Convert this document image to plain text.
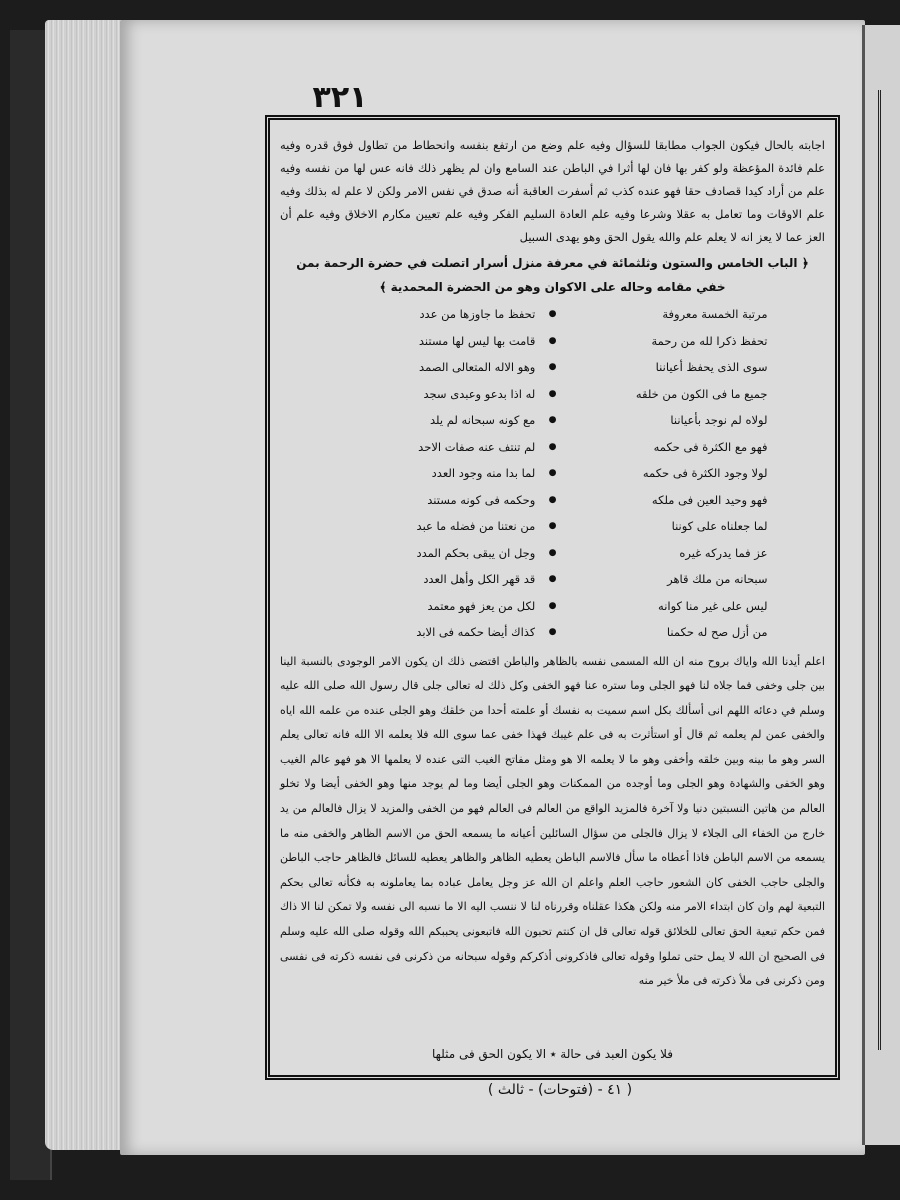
٣٢١
اجابته بالحال فيكون الجواب مطابقا للسؤال وفيه علم وضع من ارتفع بنفسه وانحطاط من تطاول فوق قدره وفيه علم فائدة المؤعظة ولو كفر بها فان لها أثرا في الباطن عند السامع وان لم يظهر ذلك فانه عس لها من نفسه وفيه علم من أراد كيدا قصادف حقا فهو عنده كذب ثم أسفرت العاقبة أنه صدق في نفس الامر ولكن لا علم له بذلك وفيه علم الاوقات وما تعامل به عقلا وشرعا وفيه علم العادة السليم الفكر وفيه علم تعيين مكارم الاخلاق وفيه علم أن العز عما لا يعز انه لا يعلم علم والله يقول الحق وهو يهدى السبيل
﴿ الباب الخامس والستون وثلثمائة في معرفة منزل أسرار اتصلت في حضرة الرحمة بمن خفي مقامه وحاله على الاكوان وهو من الحضرة المحمدية ﴾
مرتبة الخمسة معروفة
●
تحفظ ما جاوزها من عدد
تحفظ ذكرا لله من رحمة
●
قامت بها ليس لها مستند
سوى الذى يحفظ أعياننا
●
وهو الاله المتعالى الصمد
جميع ما فى الكون من خلقه
●
له اذا بدعو وعبدى سجد
لولاه لم نوجد بأعياننا
●
مع كونه سبحانه لم يلد
فهو مع الكثرة فى حكمه
●
لم تنتف عنه صفات الاحد
لولا وجود الكثرة فى حكمه
●
لما بدا منه وجود العدد
فهو وحيد العين فى ملكه
●
وحكمه فى كونه مستند
لما جعلناه على كوننا
●
من نعتنا من فضله ما عبد
عز فما يدركه غيره
●
وجل ان يبقى بحكم المدد
سبحانه من ملك قاهر
●
قد قهر الكل وأهل العدد
ليس على غير منا كوانه
●
لكل من يعز فهو معتمد
من أزل صح له حكمنا
●
كذاك أيضا حكمه فى الابد
اعلم أيدنا الله واياك بروح منه ان الله المسمى نفسه بالظاهر والباطن اقتضى ذلك ان يكون الامر الوجودى بالنسبة الينا بين جلى وخفى فما جلاه لنا فهو الجلى وما ستره عنا فهو الخفى وكل ذلك له تعالى جلى قال رسول الله صلى الله عليه وسلم في دعائه اللهم انى أسألك بكل اسم سميت به نفسك أو علمته أحدا من خلقك وهو الجلى عنده من علمه الله اياه والخفى عمن لم يعلمه ثم قال أو استأثرت به فى علم غيبك فهذا خفى عما سوى الله فلا يعلمه الا الله فانه تعالى يعلم السر وهو ما بينه وبين خلقه وأخفى وهو ما لا يعلمه الا هو ومثل مفاتح الغيب التى عنده لا يعلمها الا هو فهو عالم الغيب وهو الخفى والشهادة وهو الجلى وما أوجده من الممكنات وهو الجلى أيضا وما لم يوجد منها وهو الخفى أيضا ولا تخلو العالم من هاتين النسبتين دنيا ولا آخرة فالمزيد الواقع من العالم فى العالم فهو من الخفى والمزيد لا يزال فالعالم من يد خارج من الخفاء الى الجلاء لا يزال فالجلى من سؤال السائلين أعيانه ما يسمعه الحق من الاسم الظاهر والخفى منه ما يسمعه من الاسم الباطن فاذا أعطاه ما سأل فالاسم الباطن يعطيه الظاهر والظاهر يعطيه للسائل فالظاهر حاجب الباطن والجلى حاجب الخفى كان الشعور حاجب العلم واعلم ان الله عز وجل يعامل عباده بما يعاملونه به فكأنه تعالى بحكم التبعية لهم وان كان ابتداء الامر منه ولكن هكذا عقلناه وقررناه لنا لا ننسب اليه الا ما نسبه الى نفسه ولا تمكن لنا الا ذاك فمن حكم تبعية الحق تعالى للخلائق قوله تعالى قل ان كنتم تحبون الله فاتبعونى يحببكم الله وقوله صلى الله عليه وسلم فى الصحيح ان الله لا يمل حتى تملوا وقوله تعالى فاذكرونى أذكركم وقوله سبحانه من ذكرنى فى نفسه ذكرته فى نفسى ومن ذكرنى فى ملأ ذكرته فى ملأ خير منه
فلا يكون العبد فى حالة ٭ الا يكون الحق فى مثلها
( ٤١ - (فتوحات) - ثالث )
